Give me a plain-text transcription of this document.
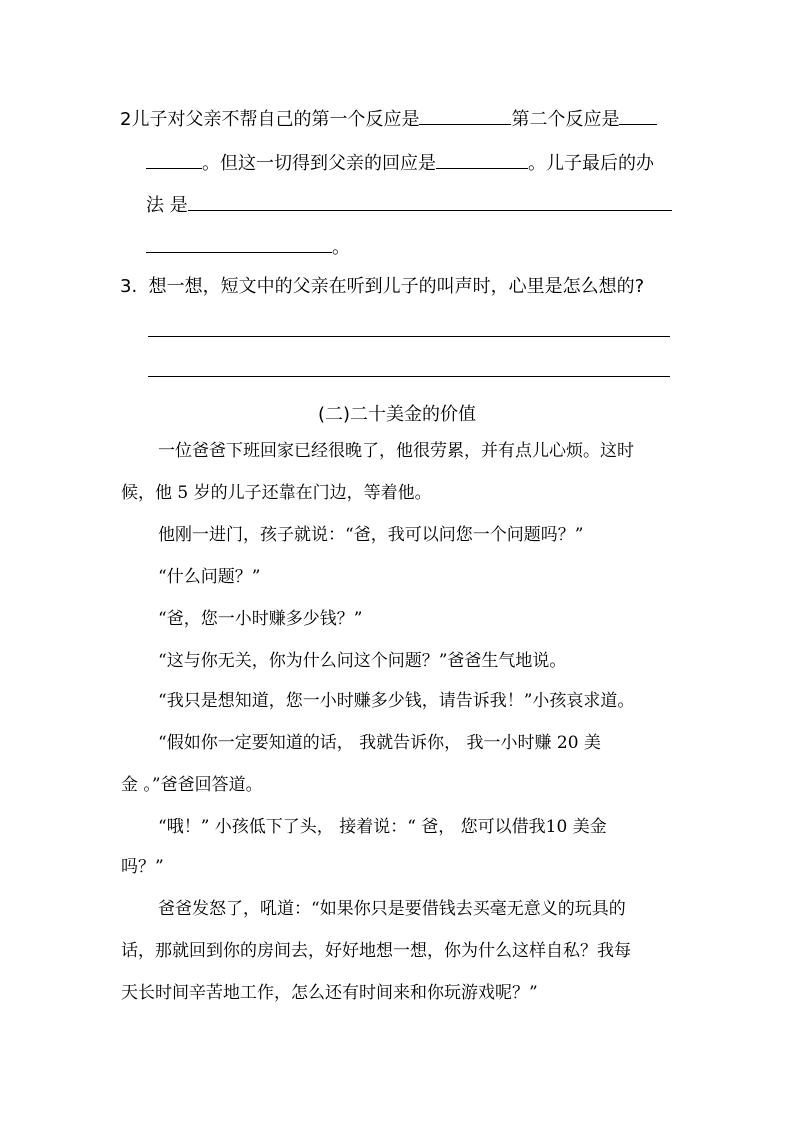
2儿子对父亲不帮自己的第一个反应是	第二个反应是
。但这一切得到父亲的回应是	。儿子最后的办
法 是
。
3. 想一想，短文中的父亲在听到儿子的叫声时，心里是怎么想的?
(二)二十美金的价值
一位爸爸下班回家已经很晚了，他很劳累，并有点儿心烦。这时
候，他 5 岁的儿子还靠在门边，等着他。
他刚一进门，孩子就说：“爸，我可以问您一个问题吗？”
“什么问题？”
“爸，您一小时赚多少钱？”
“这与你无关，你为什么问这个问题？”爸爸生气地说。
“我只是想知道，您一小时赚多少钱，请告诉我！”小孩哀求道。
“假如你一定要知道的话， 我就告诉你， 我一小时赚 20 美
金 。”爸爸回答道。
“哦！” 小孩低下了头， 接着说：“ 爸， 您可以借我10 美金
吗？”
爸爸发怒了，吼道：“如果你只是要借钱去买毫无意义的玩具的
话，那就回到你的房间去，好好地想一想，你为什么这样自私？我每
天长时间辛苦地工作，怎么还有时间来和你玩游戏呢？”
